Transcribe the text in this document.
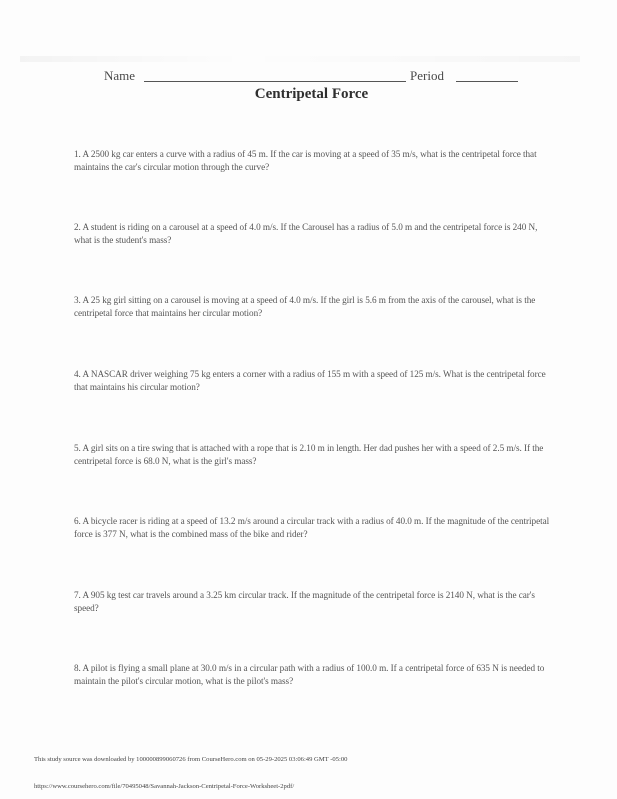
Name	Period
Centripetal Force
1. A 2500 kg car enters a curve with a radius of 45 m. If the car is moving at a speed of 35 m/s, what is the centripetal force that maintains the car's circular motion through the curve?
2. A student is riding on a carousel at a speed of 4.0 m/s. If the Carousel has a radius of 5.0 m and the centripetal force is 240 N, what is the student's mass?
3. A 25 kg girl sitting on a carousel is moving at a speed of 4.0 m/s. If the girl is 5.6 m from the axis of the carousel, what is the centripetal force that maintains her circular motion?
4. A NASCAR driver weighing 75 kg enters a corner with a radius of 155 m with a speed of 125 m/s. What is the centripetal force that maintains his circular motion?
5. A girl sits on a tire swing that is attached with a rope that is 2.10 m in length. Her dad pushes her with a speed of 2.5 m/s. If the centripetal force is 68.0 N, what is the girl's mass?
6. A bicycle racer is riding at a speed of 13.2 m/s around a circular track with a radius of 40.0 m. If the magnitude of the centripetal force is 377 N, what is the combined mass of the bike and rider?
7. A 905 kg test car travels around a 3.25 km circular track. If the magnitude of the centripetal force is 2140 N, what is the car's speed?
8. A pilot is flying a small plane at 30.0 m/s in a circular path with a radius of 100.0 m. If a centripetal force of 635 N is needed to maintain the pilot's circular motion, what is the pilot's mass?
This study source was downloaded by 100000899060726 from CourseHero.com on 05-29-2025 03:06:49 GMT -05:00
https://www.coursehero.com/file/70495048/Savannah-Jackson-Centripetal-Force-Worksheet-2pdf/
